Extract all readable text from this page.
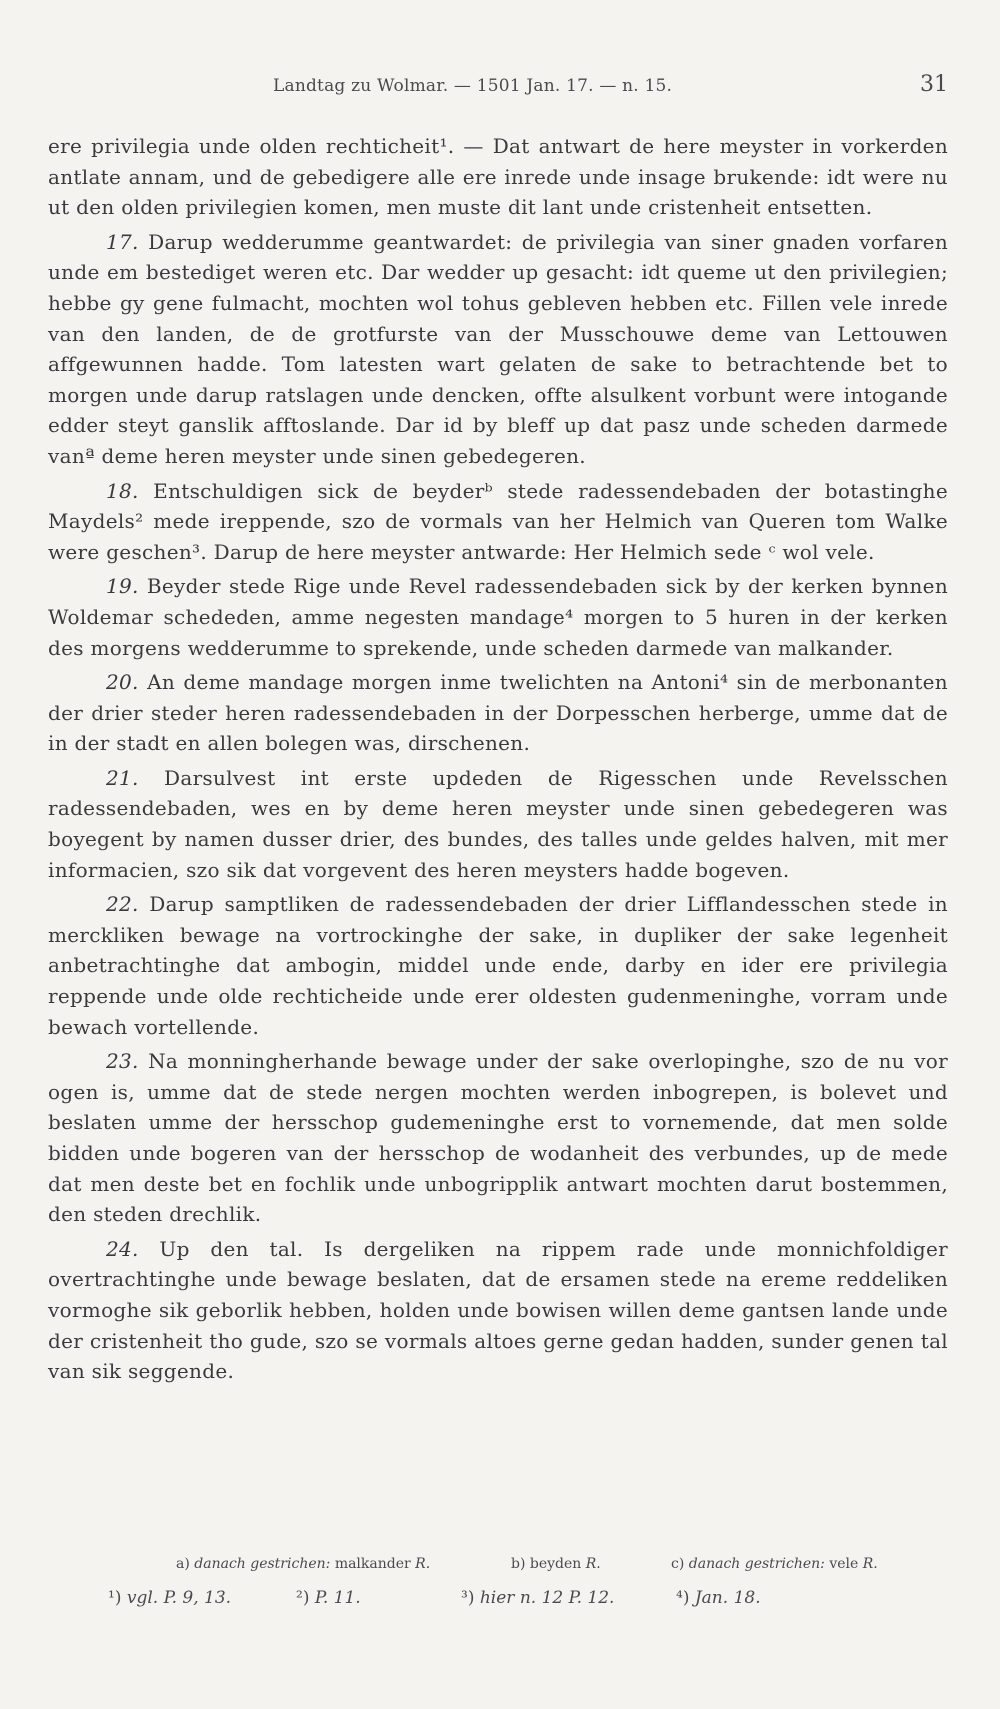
Landtag zu Wolmar. — 1501 Jan. 17. — n. 15.	31

ere privilegia unde olden rechticheit¹. — Dat antwart de here meyster in vorkerden antlate annam, und de gebedigere alle ere inrede unde insage brukende: idt were nu ut den olden privilegien komen, men muste dit lant unde cristenheit entsetten.

17. Darup wedderumme geantwardet: de privilegia van siner gnaden vorfaren unde em bestediget weren etc. Dar wedder up gesacht: idt queme ut den privilegien; hebbe gy gene fulmacht, mochten wol tohus gebleven hebben etc. Fillen vele inrede van den landen, de de grotfurste van der Musschouwe deme van Lettouwen affgewunnen hadde. Tom latesten wart gelaten de sake to betrachtende bet to morgen unde darup ratslagen unde dencken, offte alsulkent vorbunt were intogande edder steyt ganslik afftoslande. Dar id by bleff up dat pasz unde scheden darmede vanª deme heren meyster unde sinen gebedegeren.

18. Entschuldigen sick de beyderᵇ stede radessendebaden der botastinghe Maydels² mede ireppende, szo de vormals van her Helmich van Queren tom Walke were geschen³. Darup de here meyster antwarde: Her Helmich sede ᶜ wol vele.

19. Beyder stede Rige unde Revel radessendebaden sick by der kerken bynnen Woldemar schededen, amme negesten mandage⁴ morgen to 5 huren in der kerken des morgens wedderumme to sprekende, unde scheden darmede van malkander.

20. An deme mandage morgen inme twelichten na Antoni⁴ sin de merbonanten der drier steder heren radessendebaden in der Dorpesschen herberge, umme dat de in der stadt en allen bolegen was, dirschenen.

21. Darsulvest int erste updeden de Rigesschen unde Revelsschen radessendebaden, wes en by deme heren meyster unde sinen gebedegeren was boyegent by namen dusser drier, des bundes, des talles unde geldes halven, mit mer informacien, szo sik dat vorgevent des heren meysters hadde bogeven.

22. Darup samptliken de radessendebaden der drier Lifflandesschen stede in merckliken bewage na vortrockinghe der sake, in dupliker der sake legenheit anbetrachtinghe dat ambogin, middel unde ende, darby en ider ere privilegia reppende unde olde rechticheide unde erer oldesten gudenmeninghe, vorram unde bewach vortellende.

23. Na monningherhande bewage under der sake overlopinghe, szo de nu vor ogen is, umme dat de stede nergen mochten werden inbogrepen, is bolevet und beslaten umme der hersschop gudemeninghe erst to vornemende, dat men solde bidden unde bogeren van der hersschop de wodanheit des verbundes, up de mede dat men deste bet en fochlik unde unbogripplik antwart mochten darut bostemmen, den steden drechlik.

24. Up den tal. Is dergeliken na rippem rade unde monnichfoldiger overtrachtinghe unde bewage beslaten, dat de ersamen stede na ereme reddeliken vormoghe sik geborlik hebben, holden unde bowisen willen deme gantsen lande unde der cristenheit tho gude, szo se vormals altoes gerne gedan hadden, sunder genen tal van sik seggende.

a) danach gestrichen: malkander R.	b) beyden R.	c) danach gestrichen: vele R.
¹) vgl. P. 9, 13.	²) P. 11.	³) hier n. 12 P. 12.	⁴) Jan. 18.
